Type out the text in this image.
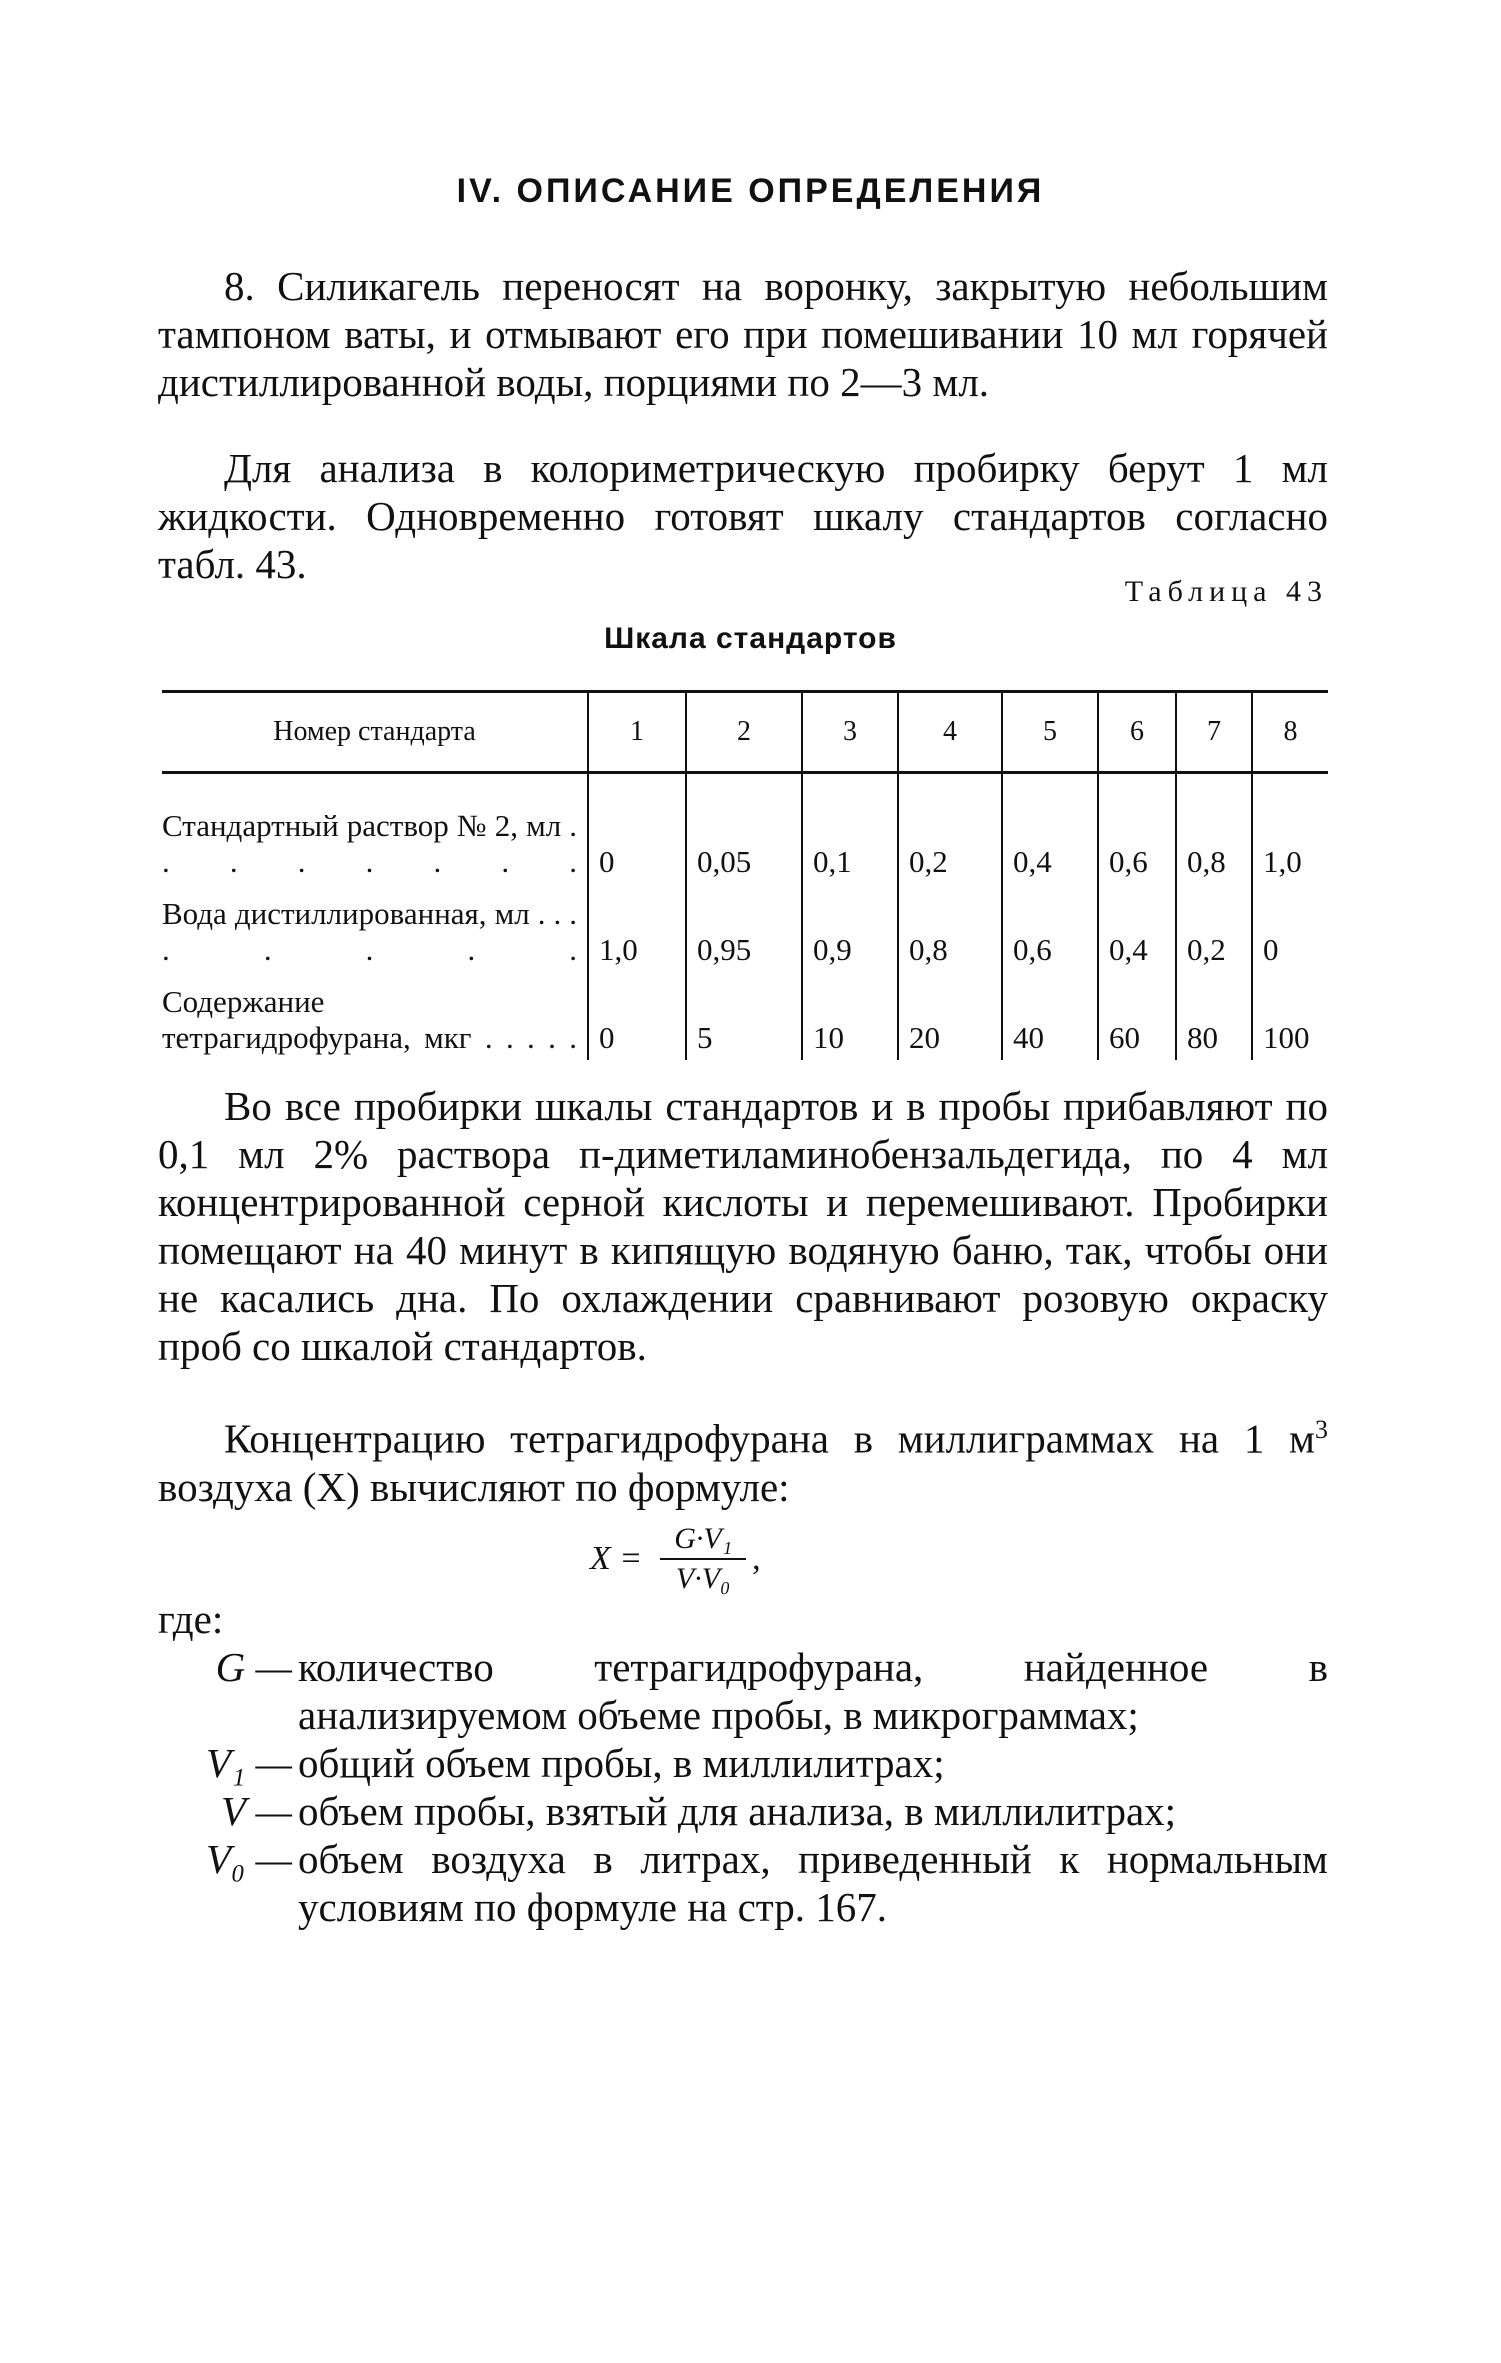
IV. ОПИСАНИЕ ОПРЕДЕЛЕНИЯ

8. Силикагель переносят на воронку, закрытую небольшим тампоном ваты, и отмывают его при помешивании 10 мл горячей дистиллированной воды, порциями по 2—3 мл.

Для анализа в колориметрическую пробирку берут 1 мл жидкости. Одновременно готовят шкалу стандартов согласно табл. 43.

Таблица 43
Шкала стандартов
Номер стандарта	1	2	3	4	5	6	7	8
Стандартный раствор № 2, мл . . . . . . . .	0	0,05	0,1	0,2	0,4	0,6	0,8	1,0
Вода дистиллированная, мл . . . . . . . .	1,0	0,95	0,9	0,8	0,6	0,4	0,2	0
Содержание тетрагидрофурана, мкг . . . . .	0	5	10	20	40	60	80	100

Во все пробирки шкалы стандартов и в пробы прибавляют по 0,1 мл 2% раствора п-диметиламинобензальдегида, по 4 мл концентрированной серной кислоты и перемешивают. Пробирки помещают на 40 минут в кипящую водяную баню, так, чтобы они не касались дна. По охлаждении сравнивают розовую окраску проб со шкалой стандартов.

Концентрацию тетрагидрофурана в миллиграммах на 1 $м^3$ воздуха (X) вычисляют по формуле:

$X = \frac{\text{G·V₁}}{\text{V·V₀}}$ ,
где:
G — количество тетрагидрофурана, найденное в анализируемом объеме пробы, в микрограммах;
V₁ — общий объем пробы, в миллилитрах;
V — объем пробы, взятый для анализа, в миллилитрах;
V₀ — объем воздуха в литрах, приведенный к нормальным условиям по формуле на стр. 167.
